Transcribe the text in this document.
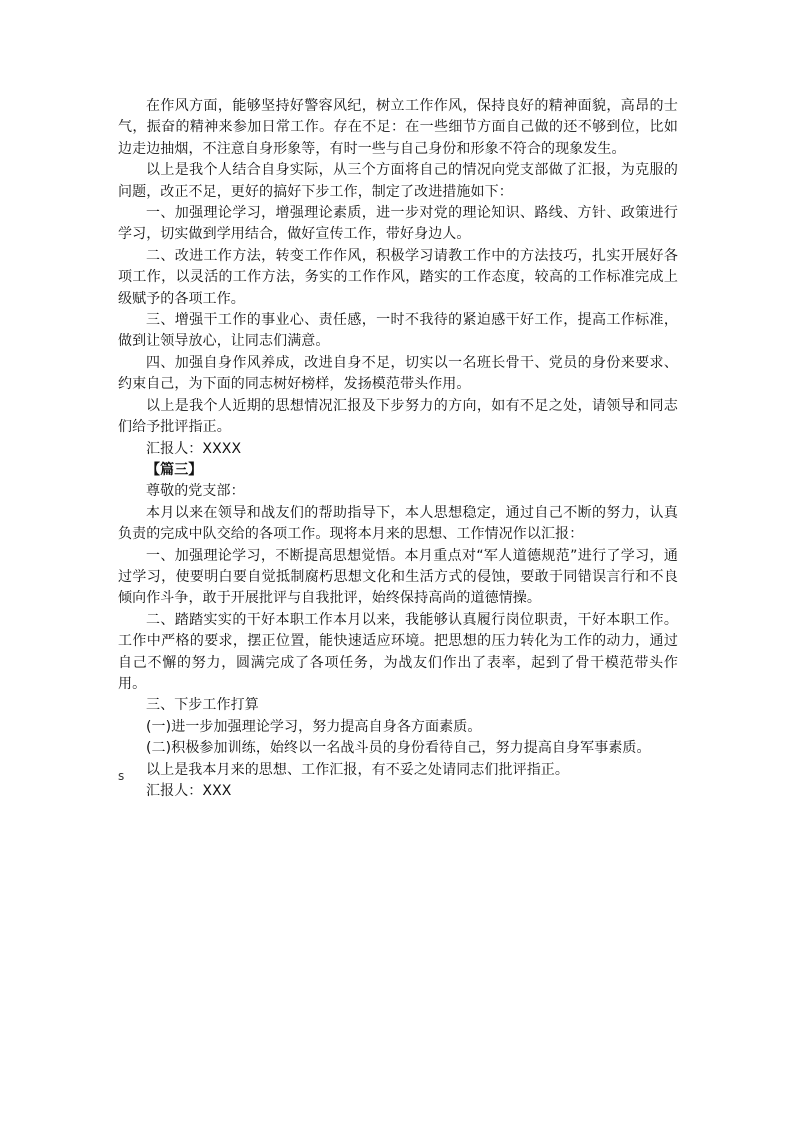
在作风方面，能够坚持好警容风纪，树立工作作风，保持良好的精神面貌，高昂的士气，振奋的精神来参加日常工作。存在不足：在一些细节方面自己做的还不够到位，比如边走边抽烟，不注意自身形象等，有时一些与自己身份和形象不符合的现象发生。

以上是我个人结合自身实际，从三个方面将自己的情况向党支部做了汇报，为克服的问题，改正不足，更好的搞好下步工作，制定了改进措施如下：

一、加强理论学习，增强理论素质，进一步对党的理论知识、路线、方针、政策进行学习，切实做到学用结合，做好宣传工作，带好身边人。

二、改进工作方法，转变工作作风，积极学习请教工作中的方法技巧，扎实开展好各项工作，以灵活的工作方法，务实的工作作风，踏实的工作态度，较高的工作标准完成上级赋予的各项工作。

三、增强干工作的事业心、责任感，一时不我待的紧迫感干好工作，提高工作标准，做到让领导放心，让同志们满意。

四、加强自身作风养成，改进自身不足，切实以一名班长骨干、党员的身份来要求、约束自己，为下面的同志树好榜样，发扬模范带头作用。

以上是我个人近期的思想情况汇报及下步努力的方向，如有不足之处，请领导和同志们给予批评指正。

汇报人：XXXX

【篇三】

尊敬的党支部：

本月以来在领导和战友们的帮助指导下，本人思想稳定，通过自己不断的努力，认真负责的完成中队交给的各项工作。现将本月来的思想、工作情况作以汇报：

一、加强理论学习，不断提高思想觉悟。本月重点对“军人道德规范”进行了学习，通过学习，使要明白要自觉抵制腐朽思想文化和生活方式的侵蚀，要敢于同错误言行和不良倾向作斗争，敢于开展批评与自我批评，始终保持高尚的道德情操。

二、踏踏实实的干好本职工作本月以来，我能够认真履行岗位职责，干好本职工作。工作中严格的要求，摆正位置，能快速适应环境。把思想的压力转化为工作的动力，通过自己不懈的努力，圆满完成了各项任务，为战友们作出了表率，起到了骨干模范带头作用。

三、下步工作打算

(一)进一步加强理论学习，努力提高自身各方面素质。

(二)积极参加训练，始终以一名战斗员的身份看待自己，努力提高自身军事素质。

以上是我本月来的思想、工作汇报，有不妥之处请同志们批评指正。

汇报人：XXX

s
